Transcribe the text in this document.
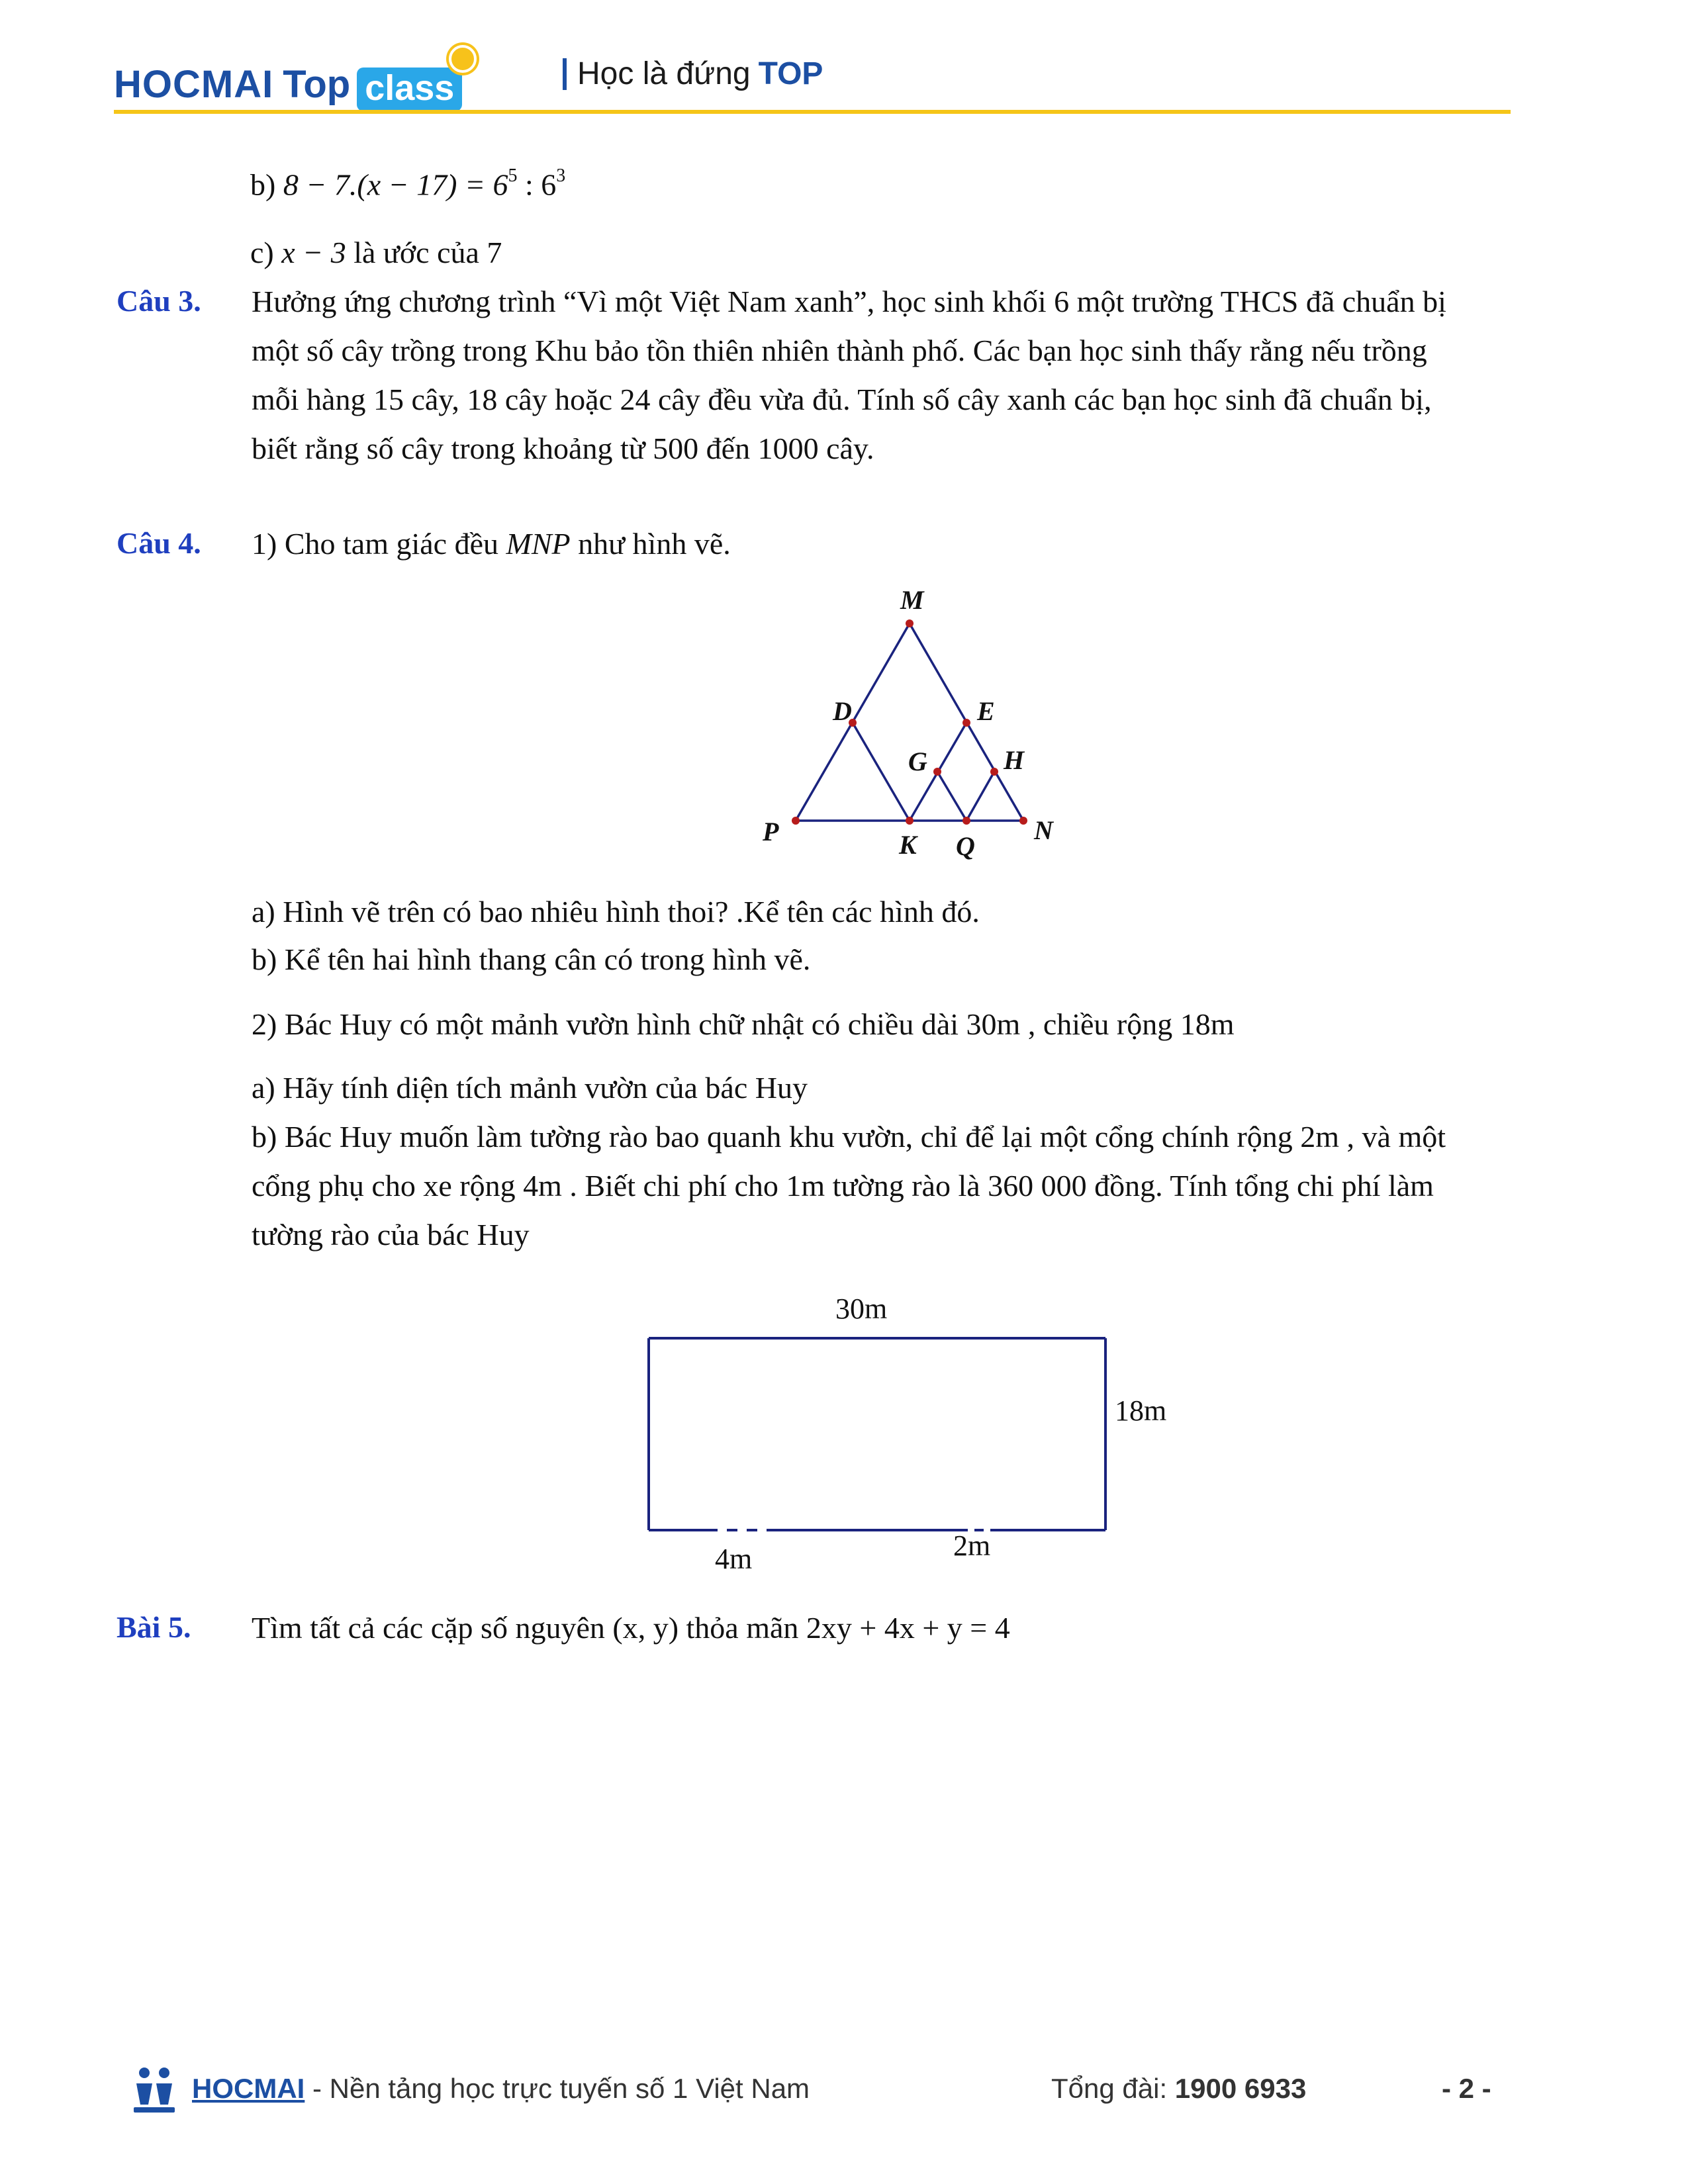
HOCMAI Top class	Học là đứng TOP
b) $8 - 7.(x - 17) = 6^5$ : $6^3$
c) x − 3 là ước của 7
Câu 3. Hưởng ứng chương trình “Vì một Việt Nam xanh”, học sinh khối 6 một trường THCS đã chuẩn bị
một số cây trồng trong Khu bảo tồn thiên nhiên thành phố. Các bạn học sinh thấy rằng nếu trồng
mỗi hàng 15 cây, 18 cây hoặc 24 cây đều vừa đủ. Tính số cây xanh các bạn học sinh đã chuẩn bị,
biết rằng số cây trong khoảng từ 500 đến 1000 cây.
Câu 4. 1) Cho tam giác đều MNP như hình vẽ.
M
D	E
G	H
P	K Q
N
a) Hình vẽ trên có bao nhiêu hình thoi? .Kể tên các hình đó.
b) Kể tên hai hình thang cân có trong hình vẽ.
2) Bác Huy có một mảnh vườn hình chữ nhật có chiều dài 30m , chiều rộng 18m
a) Hãy tính diện tích mảnh vườn của bác Huy
b) Bác Huy muốn làm tường rào bao quanh khu vườn, chỉ để lại một cổng chính rộng 2m , và một
cổng phụ cho xe rộng 4m . Biết chi phí cho 1m tường rào là 360 000 đồng. Tính tổng chi phí làm
tường rào của bác Huy
30m
18m
4m	2m
Bài 5. Tìm tất cả các cặp số nguyên (x, y) thỏa mãn 2xy + 4x + y = 4
HOCMAI - Nền tảng học trực tuyến số 1 Việt Nam	Tổng đài: 1900 6933	- 2 -
